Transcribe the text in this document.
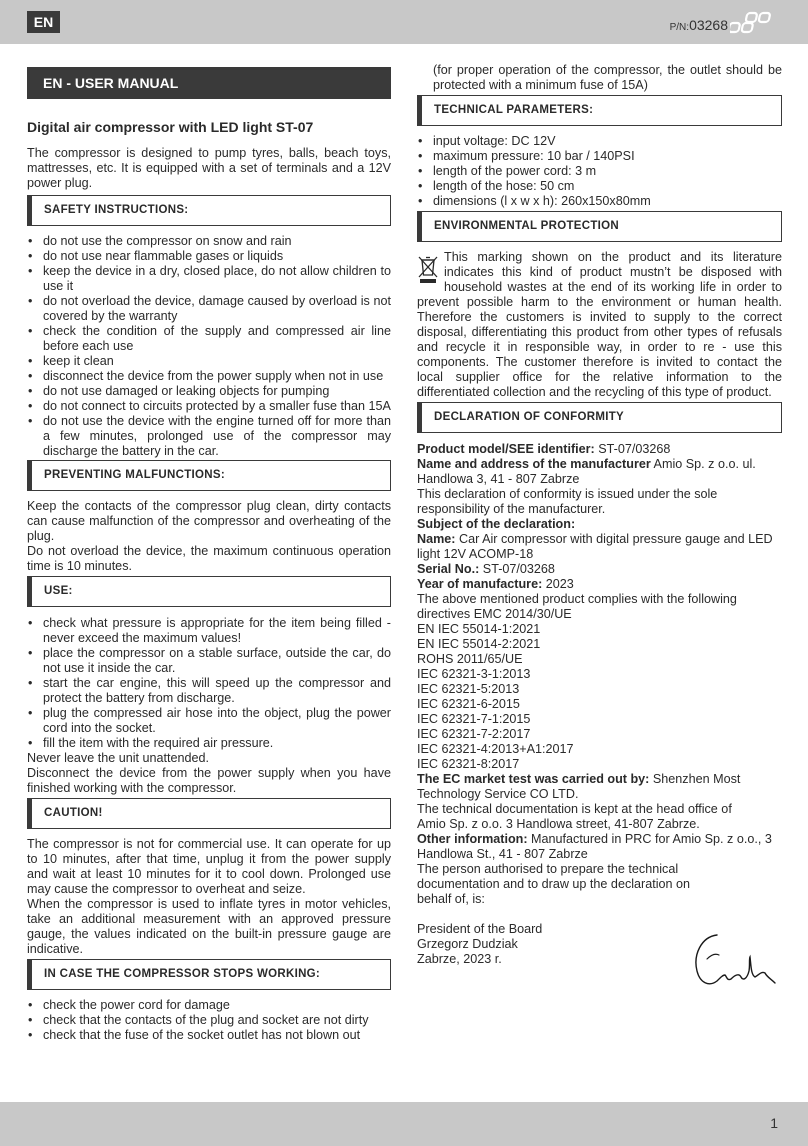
EN	P/N:03268
EN - USER MANUAL
Digital air compressor with LED light ST-07

The compressor is designed to pump tyres, balls, beach toys, mattresses, etc. It is equipped with a set of terminals and a 12V power plug.

SAFETY INSTRUCTIONS:
• do not use the compressor on snow and rain
• do not use near flammable gases or liquids
• keep the device in a dry, closed place, do not allow children to use it
• do not overload the device, damage caused by overload is not covered by the warranty
• check the condition of the supply and compressed air line before each use
• keep it clean
• disconnect the device from the power supply when not in use
• do not use damaged or leaking objects for pumping
• do not connect to circuits protected by a smaller fuse than 15A
• do not use the device with the engine turned off for more than a few minutes, prolonged use of the compressor may discharge the battery in the car.
PREVENTING MALFUNCTIONS:

Keep the contacts of the compressor plug clean, dirty contacts can cause malfunction of the compressor and overheating of the plug.

Do not overload the device, the maximum continuous operation time is 10 minutes.

USE:
• check what pressure is appropriate for the item being filled - never exceed the maximum values!
• place the compressor on a stable surface, outside the car, do not use it inside the car.
• start the car engine, this will speed up the compressor and protect the battery from discharge.
• plug the compressed air hose into the object, plug the power cord into the socket.
• fill the item with the required air pressure.

Never leave the unit unattended.

Disconnect the device from the power supply when you have finished working with the compressor.

CAUTION!

The compressor is not for commercial use. It can operate for up to 10 minutes, after that time, unplug it from the power supply and wait at least 10 minutes for it to cool down. Prolonged use may cause the compressor to overheat and seize.

When the compressor is used to inflate tyres in motor vehicles, take an additional measurement with an approved pressure gauge, the values indicated on the built-in pressure gauge are indicative.

IN CASE THE COMPRESSOR STOPS WORKING:
• check the power cord for damage
• check that the contacts of the plug and socket are not dirty
• check that the fuse of the socket outlet has not blown out

(for proper operation of the compressor, the outlet should be protected with a minimum fuse of 15A)

TECHNICAL PARAMETERS:
• input voltage: DC 12V
• maximum pressure: 10 bar / 140PSI
• length of the power cord: 3 m
• length of the hose: 50 cm
• dimensions (l x w x h): 260x150x80mm
ENVIRONMENTAL PROTECTION

This marking shown on the product and its literature indicates this kind of product mustn’t be disposed with household wastes at the end of its working life in order to prevent possible harm to the environment or human health. Therefore the customers is invited to supply to the correct disposal, differentiating this product from other types of refusals and recycle it in responsible way, in order to re - use this components. The customer therefore is invited to contact the local supplier office for the relative information to the differentiated collection and the recycling of this type of product.

DECLARATION OF CONFORMITY
Product model/SEE identifier: ST-07/03268
Name and address of the manufacturer Amio Sp. z o.o. ul. Handlowa 3, 41 - 807 Zabrze
This declaration of conformity is issued under the sole responsibility of the manufacturer.
Subject of the declaration:
Name: Car Air compressor with digital pressure gauge and LED light 12V ACOMP-18
Serial No.: ST-07/03268
Year of manufacture: 2023
The above mentioned product complies with the following directives EMC 2014/30/UE
EN IEC 55014-1:2021
EN IEC 55014-2:2021
ROHS 2011/65/UE
IEC 62321-3-1:2013
IEC 62321-5:2013
IEC 62321-6-2015
IEC 62321-7-1:2015
IEC 62321-7-2:2017
IEC 62321-4:2013+A1:2017
IEC 62321-8:2017
The EC market test was carried out by: Shenzhen Most Technology Service CO LTD.
The technical documentation is kept at the head office of Amio Sp. z o.o. 3 Handlowa street, 41-807 Zabrze.
Other information: Manufactured in PRC for Amio Sp. z o.o., 3 Handlowa St., 41 - 807 Zabrze
The person authorised to prepare the technical documentation and to draw up the declaration on behalf of, is:
President of the Board
Grzegorz Dudziak
Zabrze, 2023 r.
1
